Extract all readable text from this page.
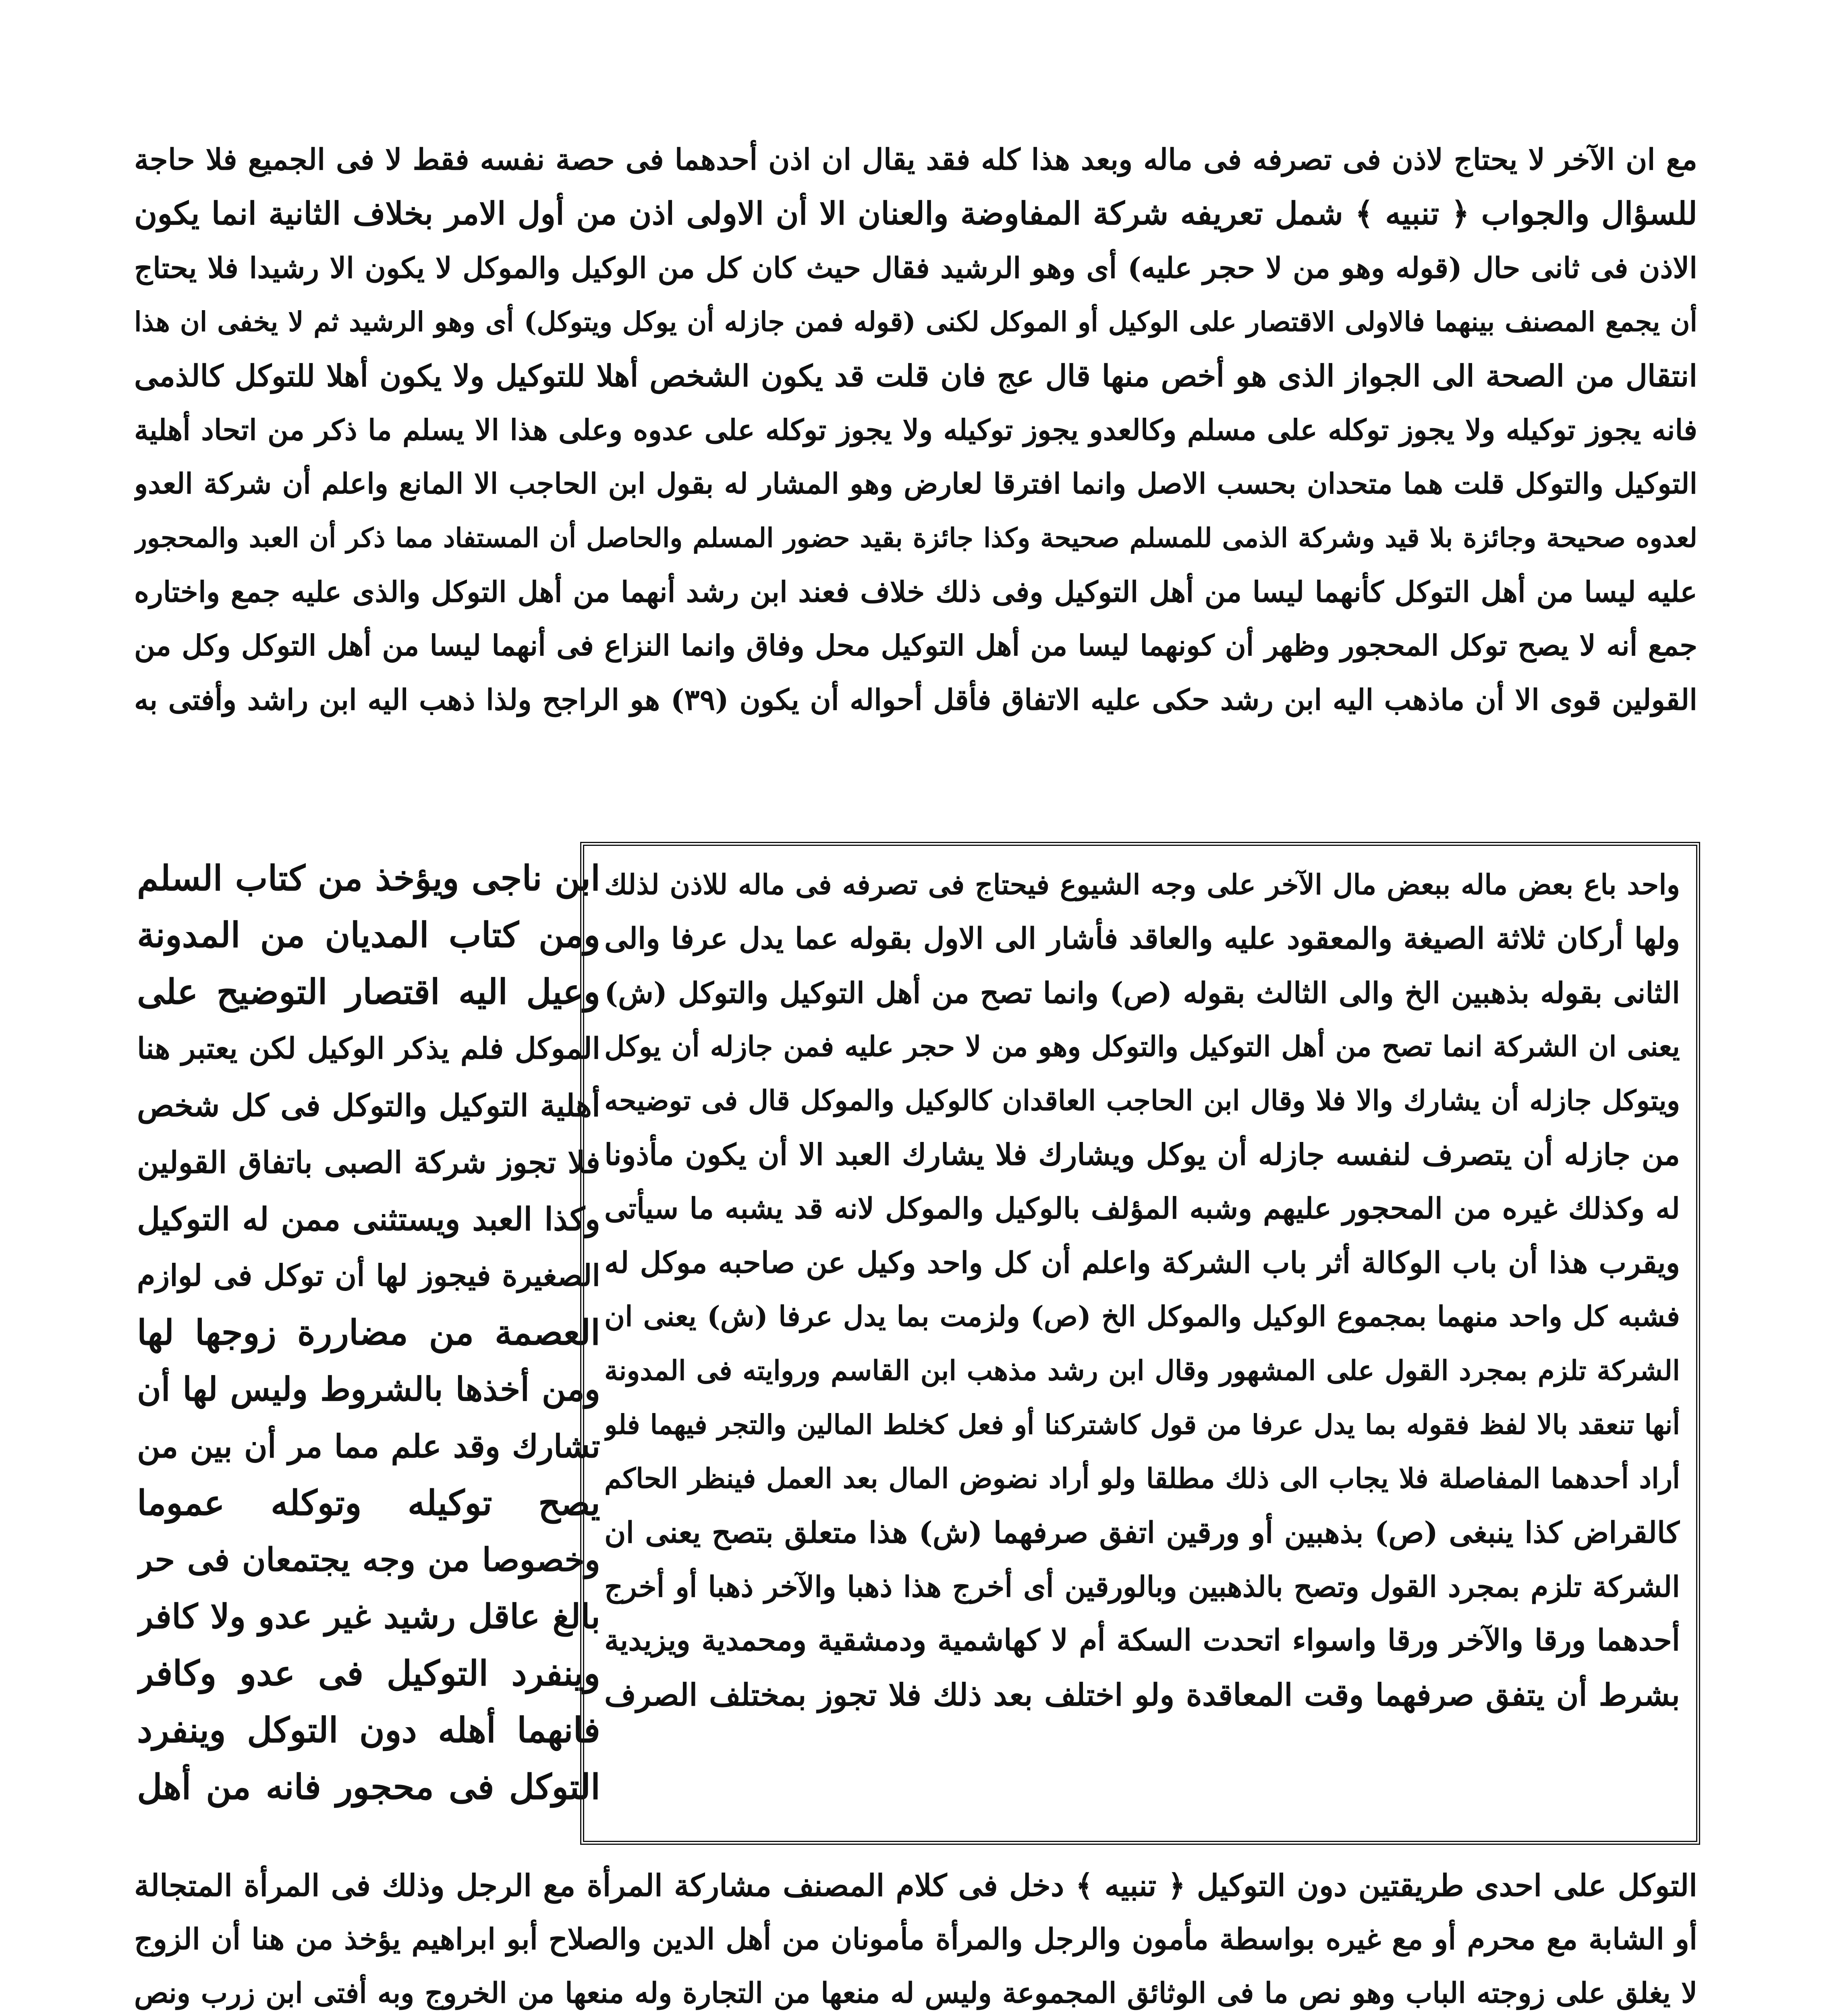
مع ان الآخر لا يحتاج لاذن فى تصرفه فى ماله وبعد هذا كله فقد يقال ان اذن أحدهما فى حصة نفسه فقط لا فى الجميع فلا حاجة
للسؤال والجواب ﴿ تنبيه ﴾ شمل تعريفه شركة المفاوضة والعنان الا أن الاولى اذن من أول الامر بخلاف الثانية انما يكون
الاذن فى ثانى حال (قوله وهو من لا حجر عليه) أى وهو الرشيد فقال حيث كان كل من الوكيل والموكل لا يكون الا رشيدا فلا يحتاج
أن يجمع المصنف بينهما فالاولى الاقتصار على الوكيل أو الموكل لكنى (قوله فمن جازله أن يوكل ويتوكل) أى وهو الرشيد ثم لا يخفى ان هذا
انتقال من الصحة الى الجواز الذى هو أخص منها قال عج فان قلت قد يكون الشخص أهلا للتوكيل ولا يكون أهلا للتوكل كالذمى
فانه يجوز توكيله ولا يجوز توكله على مسلم وكالعدو يجوز توكيله ولا يجوز توكله على عدوه وعلى هذا الا يسلم ما ذكر من اتحاد أهلية
التوكيل والتوكل قلت هما متحدان بحسب الاصل وانما افترقا لعارض وهو المشار له بقول ابن الحاجب الا المانع واعلم أن شركة العدو
لعدوه صحيحة وجائزة بلا قيد وشركة الذمى للمسلم صحيحة وكذا جائزة بقيد حضور المسلم والحاصل أن المستفاد مما ذكر أن العبد والمحجور
عليه ليسا من أهل التوكل كأنهما ليسا من أهل التوكيل وفى ذلك خلاف فعند ابن رشد أنهما من أهل التوكل والذى عليه جمع واختاره
جمع أنه لا يصح توكل المحجور وظهر أن كونهما ليسا من أهل التوكيل محل وفاق وانما النزاع فى أنهما ليسا من أهل التوكل وكل من
القولين قوى الا أن ماذهب اليه ابن رشد حكى عليه الاتفاق فأقل أحواله أن يكون (٣٩) هو الراجح ولذا ذهب اليه ابن راشد وأفتى به
ابن ناجى ويؤخذ من كتاب السلم
ومن كتاب المديان من المدونة
وعيل اليه اقتصار التوضيح على
الموكل فلم يذكر الوكيل لكن يعتبر هنا
أهلية التوكيل والتوكل فى كل شخص
فلا تجوز شركة الصبى باتفاق القولين
وكذا العبد ويستثنى ممن له التوكيل
الصغيرة فيجوز لها أن توكل فى لوازم
العصمة من مضاررة زوجها لها
ومن أخذها بالشروط وليس لها أن
تشارك وقد علم مما مر أن بين من
يصح توكيله وتوكله عموما
وخصوصا من وجه يجتمعان فى حر
بالغ عاقل رشيد غير عدو ولا كافر
وينفرد التوكيل فى عدو وكافر
فانهما أهله دون التوكل وينفرد
التوكل فى محجور فانه من أهل
واحد باع بعض ماله ببعض مال الآخر على وجه الشيوع فيحتاج فى تصرفه فى ماله للاذن لذلك
ولها أركان ثلاثة الصيغة والمعقود عليه والعاقد فأشار الى الاول بقوله عما يدل عرفا والى
الثانى بقوله بذهبين الخ والى الثالث بقوله (ص) وانما تصح من أهل التوكيل والتوكل (ش)
يعنى ان الشركة انما تصح من أهل التوكيل والتوكل وهو من لا حجر عليه فمن جازله أن يوكل
ويتوكل جازله أن يشارك والا فلا وقال ابن الحاجب العاقدان كالوكيل والموكل قال فى توضيحه
من جازله أن يتصرف لنفسه جازله أن يوكل ويشارك فلا يشارك العبد الا أن يكون مأذونا
له وكذلك غيره من المحجور عليهم وشبه المؤلف بالوكيل والموكل لانه قد يشبه ما سيأتى
ويقرب هذا أن باب الوكالة أثر باب الشركة واعلم أن كل واحد وكيل عن صاحبه موكل له
فشبه كل واحد منهما بمجموع الوكيل والموكل الخ (ص) ولزمت بما يدل عرفا (ش) يعنى ان
الشركة تلزم بمجرد القول على المشهور وقال ابن رشد مذهب ابن القاسم وروايته فى المدونة
أنها تنعقد بالا لفظ فقوله بما يدل عرفا من قول كاشتركنا أو فعل كخلط المالين والتجر فيهما فلو
أراد أحدهما المفاصلة فلا يجاب الى ذلك مطلقا ولو أراد نضوض المال بعد العمل فينظر الحاكم
كالقراض كذا ينبغى (ص) بذهبين أو ورقين اتفق صرفهما (ش) هذا متعلق بتصح يعنى ان
الشركة تلزم بمجرد القول وتصح بالذهبين وبالورقين أى أخرج هذا ذهبا والآخر ذهبا أو أخرج
أحدهما ورقا والآخر ورقا واسواء اتحدت السكة أم لا كهاشمية ودمشقية ومحمدية ويزيدية
بشرط أن يتفق صرفهما وقت المعاقدة ولو اختلف بعد ذلك فلا تجوز بمختلف الصرف
التوكل على احدى طريقتين دون التوكيل ﴿ تنبيه ﴾ دخل فى كلام المصنف مشاركة المرأة مع الرجل وذلك فى المرأة المتجالة
أو الشابة مع محرم أو مع غيره بواسطة مأمون والرجل والمرأة مأمونان من أهل الدين والصلاح أبو ابراهيم يؤخذ من هنا أن الزوج
لا يغلق على زوجته الباب وهو نص ما فى الوثائق المجموعة وليس له منعها من التجارة وله منعها من الخروج وبه أفتى ابن زرب ونص
